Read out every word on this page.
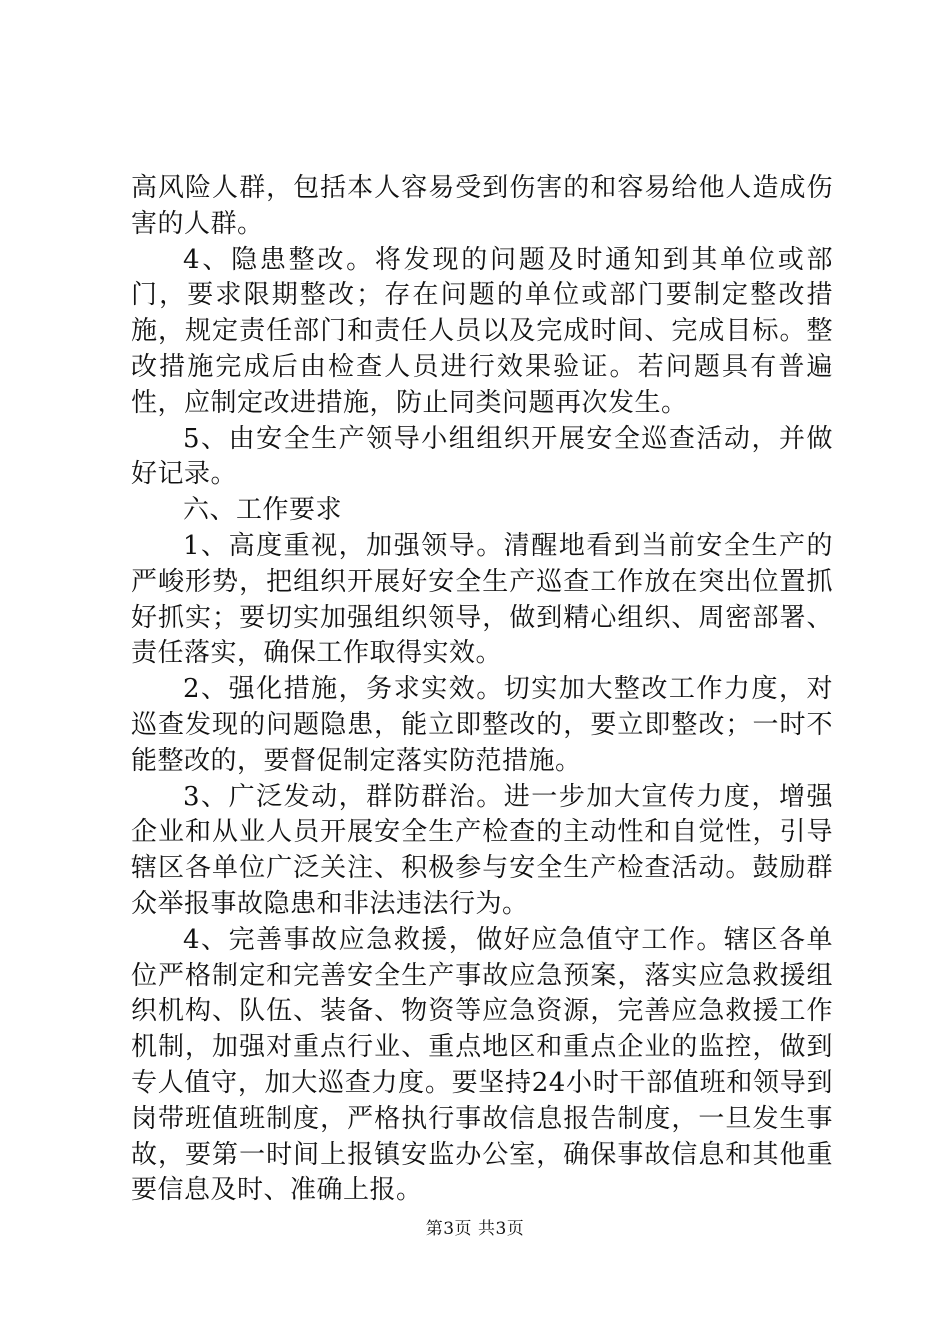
高风险人群，包括本人容易受到伤害的和容易给他人造成伤害的人群。

4、隐患整改。将发现的问题及时通知到其单位或部门，要求限期整改；存在问题的单位或部门要制定整改措施，规定责任部门和责任人员以及完成时间、完成目标。整改措施完成后由检查人员进行效果验证。若问题具有普遍性，应制定改进措施，防止同类问题再次发生。

5、由安全生产领导小组组织开展安全巡查活动，并做好记录。

六、工作要求

1、高度重视，加强领导。清醒地看到当前安全生产的严峻形势，把组织开展好安全生产巡查工作放在突出位置抓好抓实；要切实加强组织领导，做到精心组织、周密部署、责任落实，确保工作取得实效。

2、强化措施，务求实效。切实加大整改工作力度，对巡查发现的问题隐患，能立即整改的，要立即整改；一时不能整改的，要督促制定落实防范措施。

3、广泛发动，群防群治。进一步加大宣传力度，增强企业和从业人员开展安全生产检查的主动性和自觉性，引导辖区各单位广泛关注、积极参与安全生产检查活动。鼓励群众举报事故隐患和非法违法行为。

4、完善事故应急救援，做好应急值守工作。辖区各单位严格制定和完善安全生产事故应急预案，落实应急救援组织机构、队伍、装备、物资等应急资源，完善应急救援工作机制，加强对重点行业、重点地区和重点企业的监控，做到专人值守，加大巡查力度。要坚持24小时干部值班和领导到岗带班值班制度，严格执行事故信息报告制度，一旦发生事故，要第一时间上报镇安监办公室，确保事故信息和其他重要信息及时、准确上报。

第3页 共3页
